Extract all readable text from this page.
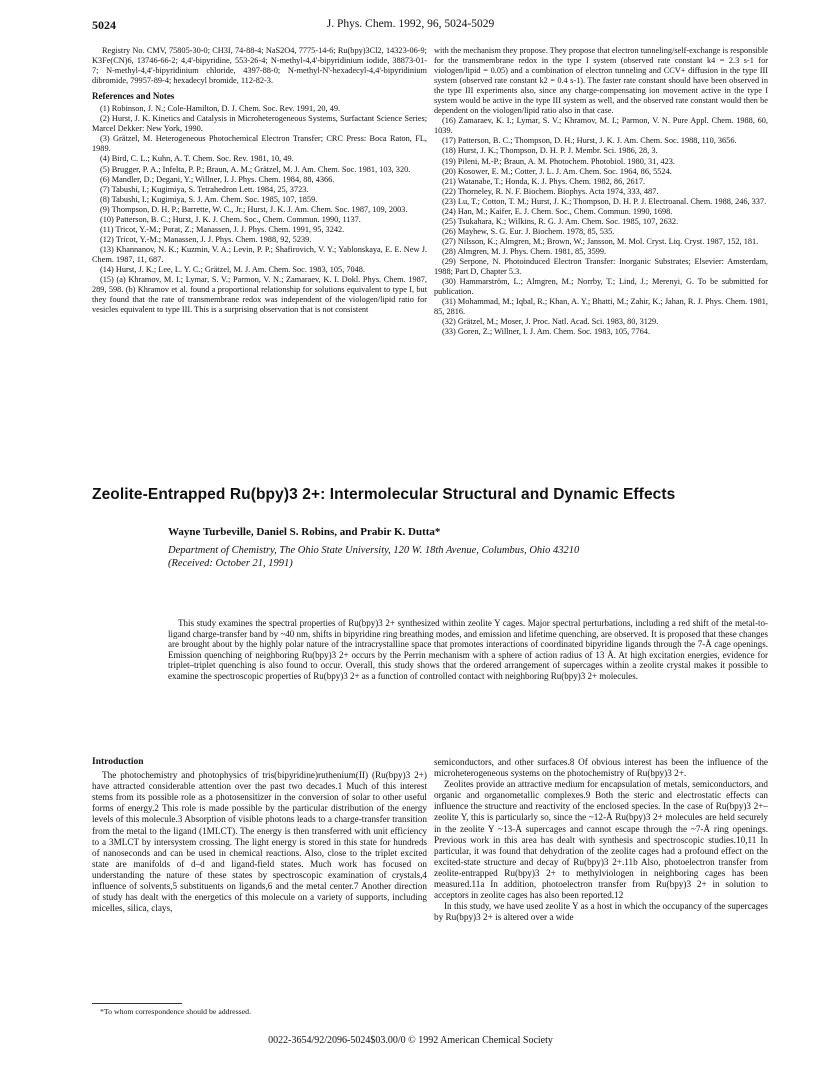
5024	J. Phys. Chem. 1992, 96, 5024-5029

Registry No. CMV, 75805-30-0; CH3I, 74-88-4; NaS2O4, 7775-14-6; Ru(bpy)3Cl2, 14323-06-9; K3Fe(CN)6, 13746-66-2; 4,4'-bipyridine, 553-26-4; N-methyl-4,4'-bipyridinium iodide, 38873-01-7; N-methyl-4,4'-bipyridinium chloride, 4397-88-0; N-methyl-N'-hexadecyl-4,4'-bipyridinium dibromide, 79957-89-4; hexadecyl bromide, 112-82-3.

References and Notes

(1) Robinson, J. N.; Cole-Hamilton, D. J. Chem. Soc. Rev. 1991, 20, 49.

(2) Hurst, J. K. Kinetics and Catalysis in Microheterogeneous Systems, Surfactant Science Series; Marcel Dekker: New York, 1990.

(3) Grätzel, M. Heterogeneous Photochemical Electron Transfer; CRC Press: Boca Raton, FL, 1989.

(4) Bird, C. L.; Kuhn, A. T. Chem. Soc. Rev. 1981, 10, 49.

(5) Brugger, P. A.; Infelta, P. P.; Braun, A. M.; Grätzel, M. J. Am. Chem. Soc. 1981, 103, 320.

(6) Mandler, D.; Degani, Y.; Willner, I. J. Phys. Chem. 1984, 88, 4366.

(7) Tabushi, I.; Kugimiya, S. Tetrahedron Lett. 1984, 25, 3723.

(8) Tabushi, I.; Kugimiya, S. J. Am. Chem. Soc. 1985, 107, 1859.

(9) Thompson, D. H. P.; Barrette, W. C., Jr.; Hurst, J. K. J. Am. Chem. Soc. 1987, 109, 2003.

(10) Patterson, B. C.; Hurst, J. K. J. Chem. Soc., Chem. Commun. 1990, 1137.

(11) Tricot, Y.-M.; Porat, Z.; Manassen, J. J. Phys. Chem. 1991, 95, 3242.

(12) Tricot, Y.-M.; Manassen, J. J. Phys. Chem. 1988, 92, 5239.

(13) Khannanov, N. K.; Kuzmin, V. A.; Levin, P. P.; Shafirovich, V. Y.; Yablonskaya, E. E. New J. Chem. 1987, 11, 687.

(14) Hurst, J. K.; Lee, L. Y. C.; Grätzel, M. J. Am. Chem. Soc. 1983, 105, 7048.

(15) (a) Khramov, M. I.; Lymar, S. V.; Parmon, V. N.; Zamaraev, K. I. Dokl. Phys. Chem. 1987, 289, 598. (b) Khramov et al. found a proportional relationship for solutions equivalent to type I, but they found that the rate of transmembrane redox was independent of the viologen/lipid ratio for vesicles equivalent to type III. This is a surprising observation that is not consistent

with the mechanism they propose. They propose that electron tunneling/self-exchange is responsible for the transmembrane redox in the type I system (observed rate constant k4 = 2.3 s-1 for viologen/lipid = 0.05) and a combination of electron tunneling and CCV+ diffusion in the type III system (observed rate constant k2 = 0.4 s-1). The faster rate constant should have been observed in the type III experiments also, since any charge-compensating ion movement active in the type I system would be active in the type III system as well, and the observed rate constant would then be dependent on the viologen/lipid ratio also in that case.

(16) Zamaraev, K. I.; Lymar, S. V.; Khramov, M. I.; Parmon, V. N. Pure Appl. Chem. 1988, 60, 1039.

(17) Patterson, B. C.; Thompson, D. H.; Hurst, J. K. J. Am. Chem. Soc. 1988, 110, 3656.

(18) Hurst, J. K.; Thompson, D. H. P. J. Membr. Sci. 1986, 28, 3.

(19) Pileni, M.-P.; Braun, A. M. Photochem. Photobiol. 1980, 31, 423.

(20) Kosower, E. M.; Cotter, J. L. J. Am. Chem. Soc. 1964, 86, 5524.

(21) Watanabe, T.; Honda, K. J. Phys. Chem. 1982, 86, 2617.

(22) Thorneley, R. N. F. Biochem. Biophys. Acta 1974, 333, 487.

(23) Lu, T.; Cotton, T. M.; Hurst, J. K.; Thompson, D. H. P. J. Electroanal. Chem. 1988, 246, 337.

(24) Han, M.; Kaifer, E. J. Chem. Soc., Chem. Commun. 1990, 1698.

(25) Tsukahara, K.; Wilkins, R. G. J. Am. Chem. Soc. 1985, 107, 2632.

(26) Mayhew, S. G. Eur. J. Biochem. 1978, 85, 535.

(27) Nilsson, K.; Almgren, M.; Brown, W.; Jansson, M. Mol. Cryst. Liq. Cryst. 1987, 152, 181.

(28) Almgren, M. J. Phys. Chem. 1981, 85, 3599.

(29) Serpone, N. Photoinduced Electron Transfer: Inorganic Substrates; Elsevier: Amsterdam, 1988; Part D, Chapter 5.3.

(30) Hammarström, L.; Almgren, M.; Norrby, T.; Lind, J.; Merenyi, G. To be submitted for publication.

(31) Mohammad, M.; Iqbal, R.; Khan, A. Y.; Bhatti, M.; Zahir, K.; Jahan, R. J. Phys. Chem. 1981, 85, 2816.

(32) Grätzel, M.; Moser, J. Proc. Natl. Acad. Sci. 1983, 80, 3129.

(33) Goren, Z.; Willner, I. J. Am. Chem. Soc. 1983, 105, 7764.

Zeolite-Entrapped Ru(bpy)3 2+: Intermolecular Structural and Dynamic Effects
Wayne Turbeville, Daniel S. Robins, and Prabir K. Dutta*
Department of Chemistry, The Ohio State University, 120 W. 18th Avenue, Columbus, Ohio 43210
(Received: October 21, 1991)
This study examines the spectral properties of Ru(bpy)3 2+ synthesized within zeolite Y cages. Major spectral perturbations, including a red shift of the metal-to-ligand charge-transfer band by ~40 nm, shifts in bipyridine ring breathing modes, and emission and lifetime quenching, are observed. It is proposed that these changes are brought about by the highly polar nature of the intracrystalline space that promotes interactions of coordinated bipyridine ligands through the 7-Å cage openings. Emission quenching of neighboring Ru(bpy)3 2+ occurs by the Perrin mechanism with a sphere of action radius of 13 Å. At high excitation energies, evidence for triplet–triplet quenching is also found to occur. Overall, this study shows that the ordered arrangement of supercages within a zeolite crystal makes it possible to examine the spectroscopic properties of Ru(bpy)3 2+ as a function of controlled contact with neighboring Ru(bpy)3 2+ molecules.
Introduction

The photochemistry and photophysics of tris(bipyridine)ruthenium(II) (Ru(bpy)3 2+) have attracted considerable attention over the past two decades.1 Much of this interest stems from its possible role as a photosensitizer in the conversion of solar to other useful forms of energy.2 This role is made possible by the particular distribution of the energy levels of this molecule.3 Absorption of visible photons leads to a charge-transfer transition from the metal to the ligand (1MLCT). The energy is then transferred with unit efficiency to a 3MLCT by intersystem crossing. The light energy is stored in this state for hundreds of nanoseconds and can be used in chemical reactions. Also, close to the triplet excited state are manifolds of d–d and ligand-field states. Much work has focused on understanding the nature of these states by spectroscopic examination of crystals,4 influence of solvents,5 substituents on ligands,6 and the metal center.7 Another direction of study has dealt with the energetics of this molecule on a variety of supports, including micelles, silica, clays,

semiconductors, and other surfaces.8 Of obvious interest has been the influence of the microheterogeneous systems on the photochemistry of Ru(bpy)3 2+.

Zeolites provide an attractive medium for encapsulation of metals, semiconductors, and organic and organometallic complexes.9 Both the steric and electrostatic effects can influence the structure and reactivity of the enclosed species. In the case of Ru(bpy)3 2+–zeolite Y, this is particularly so, since the ~12-Å Ru(bpy)3 2+ molecules are held securely in the zeolite Y ~13-Å supercages and cannot escape through the ~7-Å ring openings. Previous work in this area has dealt with synthesis and spectroscopic studies.10,11 In particular, it was found that dehydration of the zeolite cages had a profound effect on the excited-state structure and decay of Ru(bpy)3 2+.11b Also, photoelectron transfer from zeolite-entrapped Ru(bpy)3 2+ to methylviologen in neighboring cages has been measured.11a In addition, photoelectron transfer from Ru(bpy)3 2+ in solution to acceptors in zeolite cages has also been reported.12

In this study, we have used zeolite Y as a host in which the occupancy of the supercages by Ru(bpy)3 2+ is altered over a wide

*To whom correspondence should be addressed.
0022-3654/92/2096-5024$03.00/0 © 1992 American Chemical Society
